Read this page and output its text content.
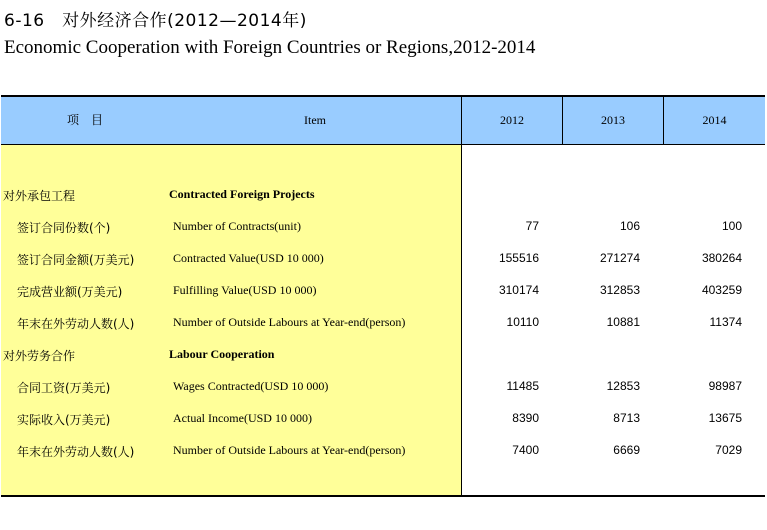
6-16　对外经济合作(2012—2014年)
Economic Cooperation with Foreign Countries or Regions,2012-2014
项　目	Item	2012	2013	2014
对外承包工程	Contracted Foreign Projects
签订合同份数(个)	Number of Contracts(unit)	77	106	100
签订合同金额(万美元)	Contracted Value(USD 10 000)	155516	271274	380264
完成营业额(万美元)	Fulfilling Value(USD 10 000)	310174	312853	403259
年末在外劳动人数(人)	Number of Outside Labours at Year-end(person)	10110	10881	11374
对外劳务合作	Labour Cooperation
合同工资(万美元)	Wages Contracted(USD 10 000)	11485	12853	98987
实际收入(万美元)	Actual Income(USD 10 000)	8390	8713	13675
年末在外劳动人数(人)	Number of Outside Labours at Year-end(person)	7400	6669	7029
